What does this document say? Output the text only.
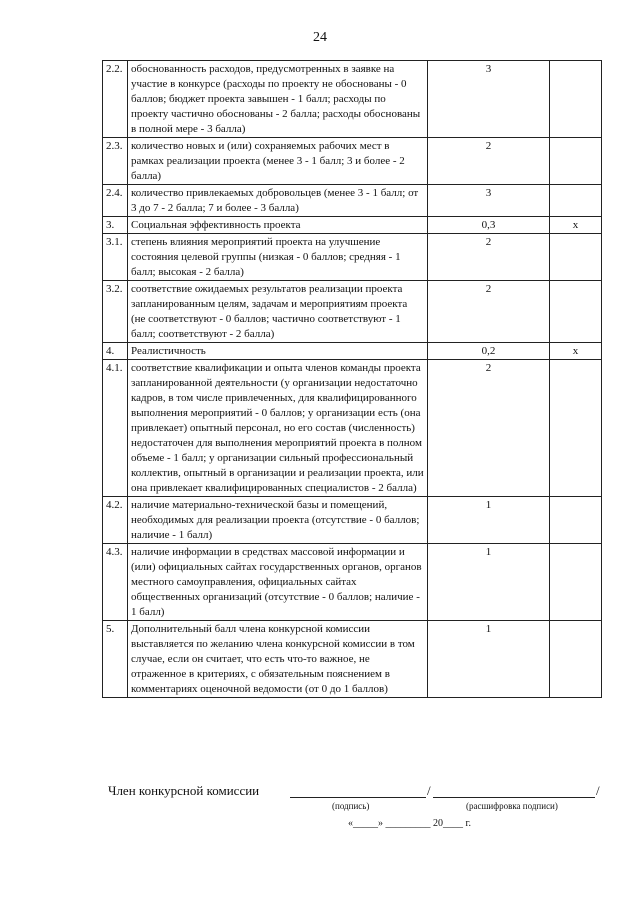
24
2.2.	обоснованность расходов, предусмотренных в заявке на участие в конкурсе (расходы по проекту не обоснованы - 0 баллов; бюджет проекта завышен - 1 балл; расходы по проекту частично обоснованы - 2 балла; расходы обоснованы в полной мере - 3 балла)	3	
2.3.	количество новых и (или) сохраняемых рабочих мест в рамках реализации проекта (менее 3 - 1 балл; 3 и более - 2 балла)	2	
2.4.	количество привлекаемых добровольцев (менее 3 - 1 балл; от 3 до 7 - 2 балла; 7 и более - 3 балла)	3	
3.	Социальная эффективность проекта	0,3	x
3.1.	степень влияния мероприятий проекта на улучшение состояния целевой группы (низкая - 0 баллов; средняя - 1 балл; высокая - 2 балла)	2	
3.2.	соответствие ожидаемых результатов реализации проекта запланированным целям, задачам и мероприятиям проекта (не соответствуют - 0 баллов; частично соответствуют - 1 балл; соответствуют - 2 балла)	2	
4.	Реалистичность	0,2	x
4.1.	соответствие квалификации и опыта членов команды проекта запланированной деятельности (у организации недостаточно кадров, в том числе привлеченных, для квалифицированного выполнения мероприятий - 0 баллов; у организации есть (она привлекает) опытный персонал, но его состав (численность) недостаточен для выполнения мероприятий проекта в полном объеме - 1 балл; у организации сильный профессиональный коллектив, опытный в организации и реализации проекта, или она привлекает квалифицированных специалистов - 2 балла)	2	
4.2.	наличие материально-технической базы и помещений, необходимых для реализации проекта (отсутствие - 0 баллов; наличие - 1 балл)	1	
4.3.	наличие информации в средствах массовой информации и (или) официальных сайтах государственных органов, органов местного самоуправления, официальных сайтах общественных организаций (отсутствие - 0 баллов; наличие - 1 балл)	1	
5.	Дополнительный балл члена конкурсной комиссии выставляется по желанию члена конкурсной комиссии в том случае, если он считает, что есть что-то важное, не отраженное в критериях, с обязательным пояснением в комментариях оценочной ведомости (от 0 до 1 баллов)	1	
Член конкурсной комиссии	/	/
(подпись)	(расшифровка подписи)
«_____» _________ 20____ г.
